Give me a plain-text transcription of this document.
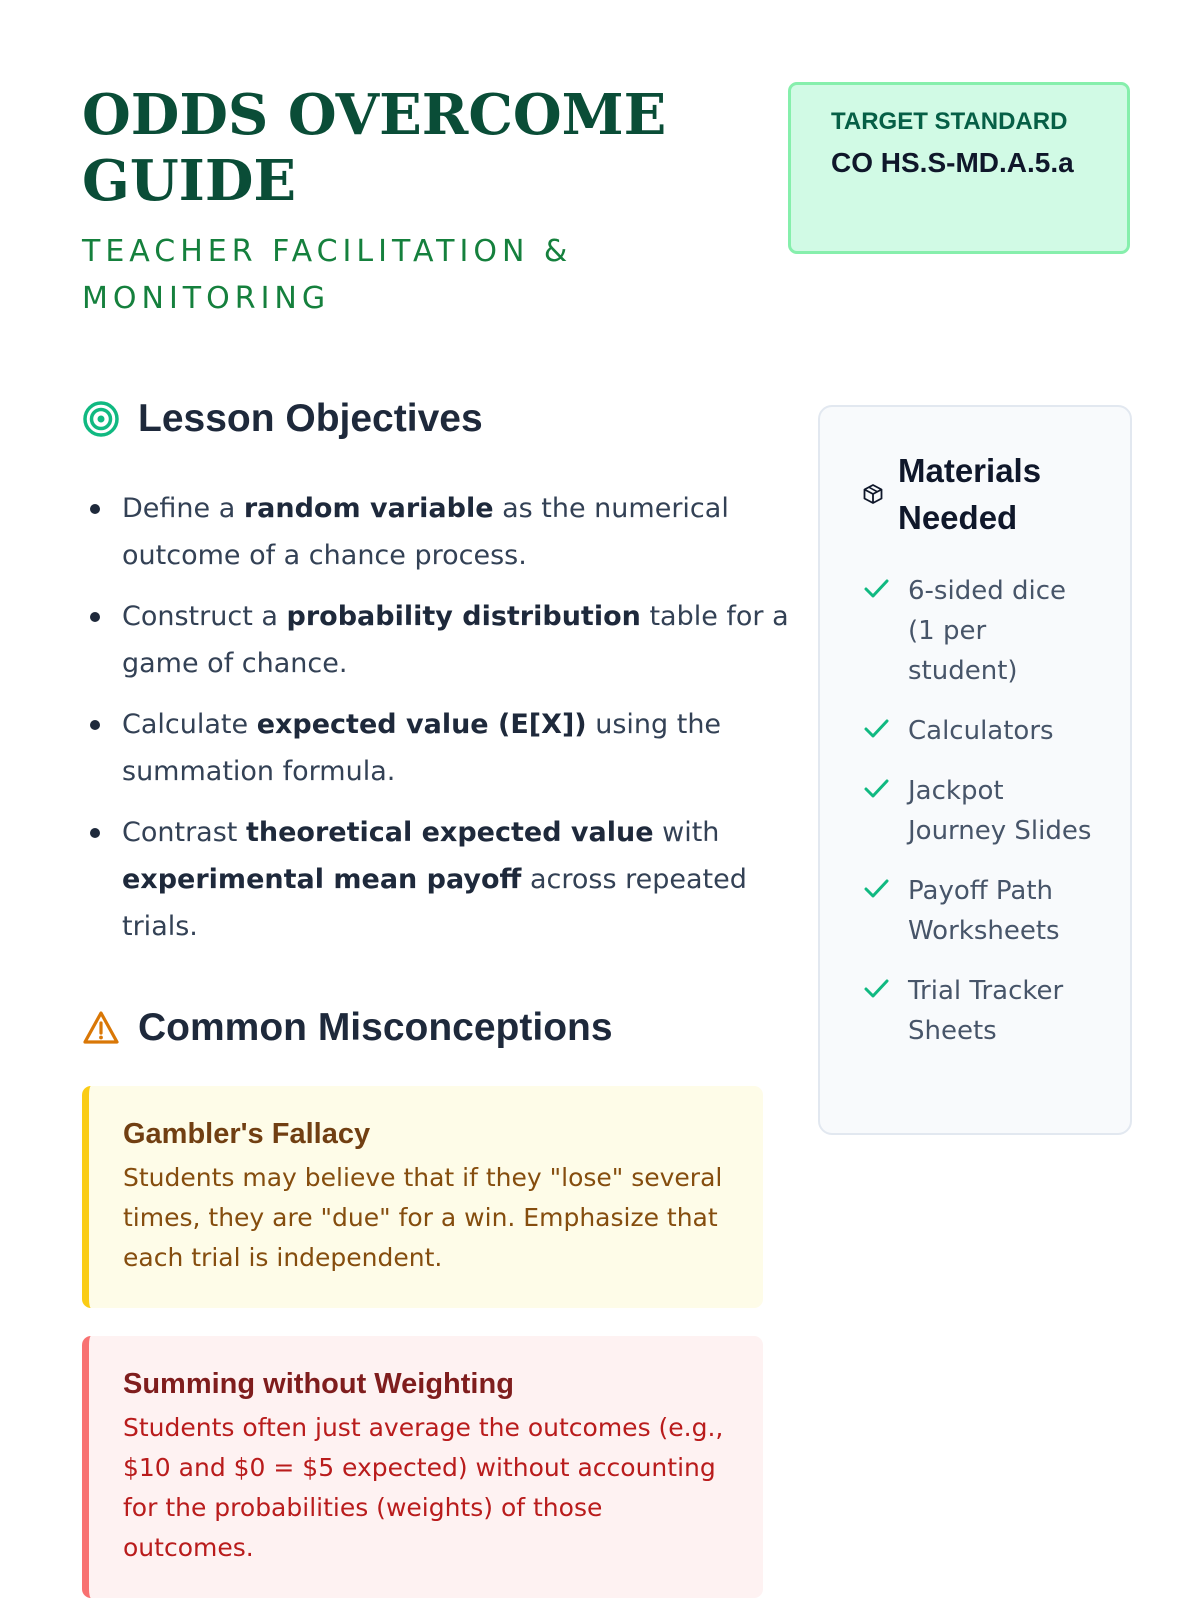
ODDS OVERCOME GUIDE
TEACHER FACILITATION & MONITORING
TARGET STANDARD
CO HS.S-MD.A.5.a
Lesson Objectives
Define a random variable as the numerical outcome of a chance process.
Construct a probability distribution table for a game of chance.
Calculate expected value (E[X]) using the summation formula.
Contrast theoretical expected value with experimental mean payoff across repeated trials.
Common Misconceptions
Gambler's Fallacy

Students may believe that if they "lose" several times, they are "due" for a win. Emphasize that each trial is independent.

Summing without Weighting

Students often just average the outcomes (e.g., $10 and $0 = $5 expected) without accounting for the probabilities (weights) of those outcomes.

Materials Needed
6-sided dice (1 per student)
Calculators
Jackpot Journey Slides
Payoff Path Worksheets
Trial Tracker Sheets
